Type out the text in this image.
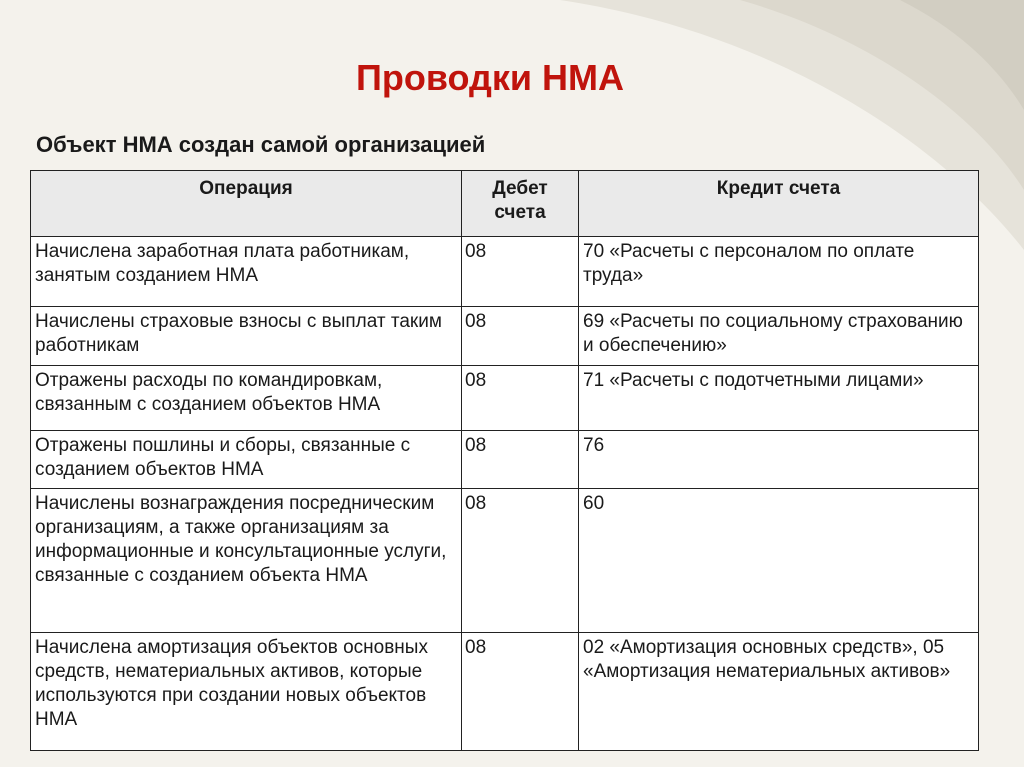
Проводки НМА
Объект НМА создан самой организацией
Операция	Дебет счета	Кредит счета
Начислена заработная плата работникам, занятым созданием НМА	08	70 «Расчеты с персоналом по оплате труда»
Начислены страховые взносы с выплат таким работникам	08	69 «Расчеты по социальному страхованию и обеспечению»
Отражены расходы по командировкам, связанным с созданием объектов НМА	08	71 «Расчеты с подотчетными лицами»
Отражены пошлины и сборы, связанные с созданием объектов НМА	08	76
Начислены вознаграждения посредническим организациям, а также организациям за информационные и консультационные услуги, связанные с созданием объекта НМА	08	60
Начислена амортизация объектов основных средств, нематериальных активов, которые используются при создании новых объектов НМА	08	02 «Амортизация основных средств», 05 «Амортизация нематериальных активов»
